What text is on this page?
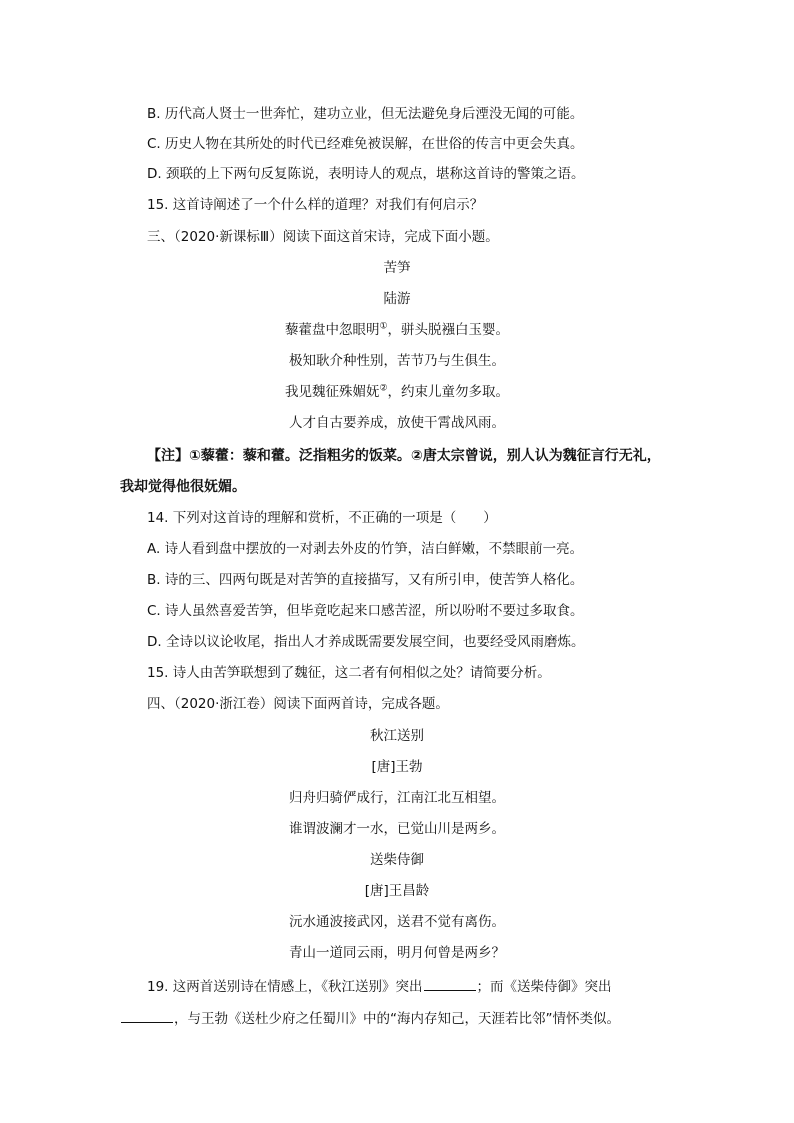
B. 历代高人贤士一世奔忙，建功立业，但无法避免身后湮没无闻的可能。
C. 历史人物在其所处的时代已经难免被误解，在世俗的传言中更会失真。
D. 颈联的上下两句反复陈说，表明诗人的观点，堪称这首诗的警策之语。
15. 这首诗阐述了一个什么样的道理？对我们有何启示？
三、（2020·新课标Ⅲ）阅读下面这首宋诗，完成下面小题。
苦笋
陆游
藜藿盘中忽眼明①，骈头脱襁白玉婴。
极知耿介种性别，苦节乃与生俱生。
我见魏征殊媚妩②，约束儿童勿多取。
人才自古要养成，放使干霄战风雨。
【注】①藜藿：藜和藿。泛指粗劣的饭菜。②唐太宗曾说，别人认为魏征言行无礼，
我却觉得他很妩媚。
14. 下列对这首诗的理解和赏析，不正确的一项是（　　）
A. 诗人看到盘中摆放的一对剥去外皮的竹笋，洁白鲜嫩，不禁眼前一亮。
B. 诗的三、四两句既是对苦笋的直接描写，又有所引申，使苦笋人格化。
C. 诗人虽然喜爱苦笋，但毕竟吃起来口感苦涩，所以吩咐不要过多取食。
D. 全诗以议论收尾，指出人才养成既需要发展空间，也要经受风雨磨炼。
15. 诗人由苦笋联想到了魏征，这二者有何相似之处？请简要分析。
四、（2020·浙江卷）阅读下面两首诗，完成各题。
秋江送别
[唐]王勃
归舟归骑俨成行，江南江北互相望。
谁谓波澜才一水，已觉山川是两乡。
送柴侍御
[唐]王昌龄
沅水通波接武冈，送君不觉有离伤。
青山一道同云雨，明月何曾是两乡？
19. 这两首送别诗在情感上，《秋江送别》突出	；而《送柴侍御》突出
，与王勃《送杜少府之任蜀川》中的“海内存知己，天涯若比邻”情怀类似。
